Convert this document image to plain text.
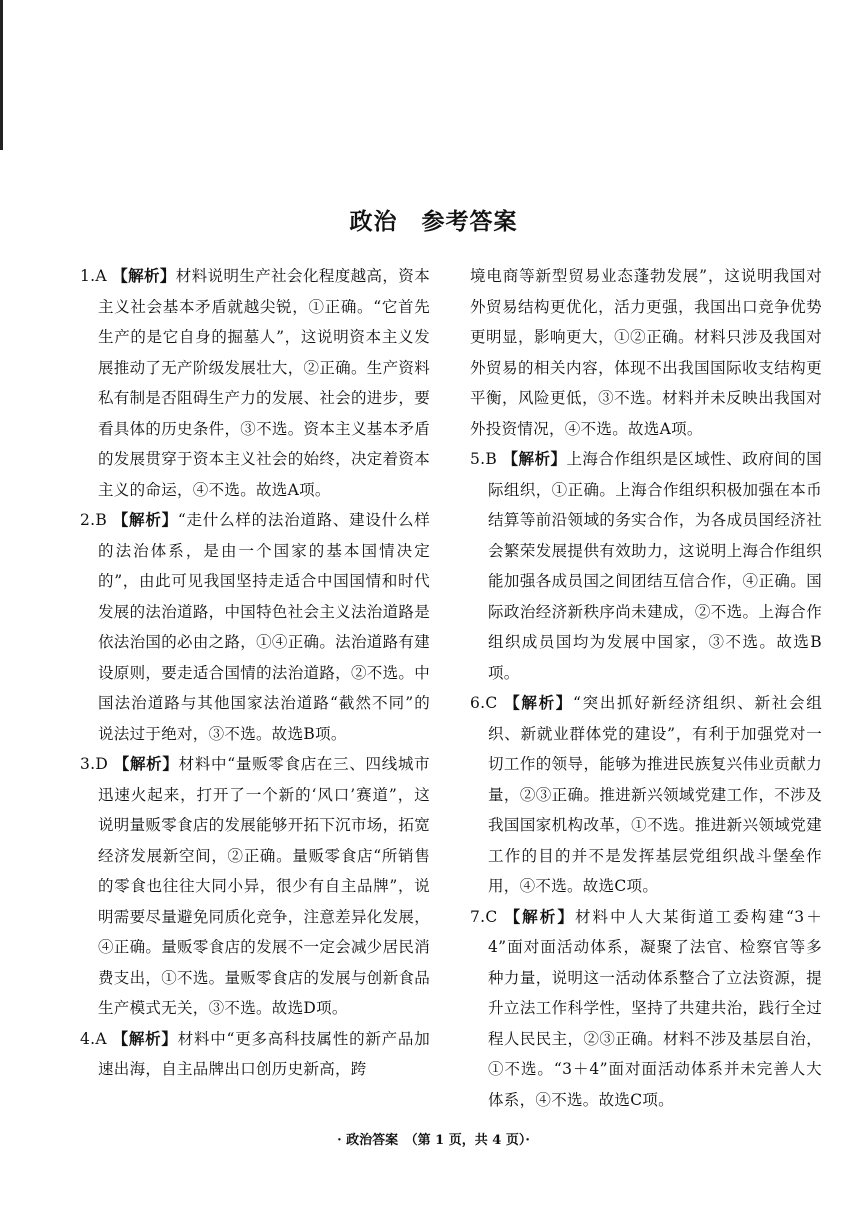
政治　参考答案

1.A 【解析】材料说明生产社会化程度越高，资本主义社会基本矛盾就越尖锐，①正确。“它首先生产的是它自身的掘墓人”，这说明资本主义发展推动了无产阶级发展壮大，②正确。生产资料私有制是否阻碍生产力的发展、社会的进步，要看具体的历史条件，③不选。资本主义基本矛盾的发展贯穿于资本主义社会的始终，决定着资本主义的命运，④不选。故选A项。

2.B 【解析】“走什么样的法治道路、建设什么样的法治体系，是由一个国家的基本国情决定的”，由此可见我国坚持走适合中国国情和时代发展的法治道路，中国特色社会主义法治道路是依法治国的必由之路，①④正确。法治道路有建设原则，要走适合国情的法治道路，②不选。中国法治道路与其他国家法治道路“截然不同”的说法过于绝对，③不选。故选B项。

3.D 【解析】材料中“量贩零食店在三、四线城市迅速火起来，打开了一个新的‘风口’赛道”，这说明量贩零食店的发展能够开拓下沉市场，拓宽经济发展新空间，②正确。量贩零食店“所销售的零食也往往大同小异，很少有自主品牌”，说明需要尽量避免同质化竞争，注意差异化发展，④正确。量贩零食店的发展不一定会减少居民消费支出，①不选。量贩零食店的发展与创新食品生产模式无关，③不选。故选D项。

4.A 【解析】材料中“更多高科技属性的新产品加速出海，自主品牌出口创历史新高，跨

境电商等新型贸易业态蓬勃发展”，这说明我国对外贸易结构更优化，活力更强，我国出口竞争优势更明显，影响更大，①②正确。材料只涉及我国对外贸易的相关内容，体现不出我国国际收支结构更平衡，风险更低，③不选。材料并未反映出我国对外投资情况，④不选。故选A项。

5.B 【解析】上海合作组织是区域性、政府间的国际组织，①正确。上海合作组织积极加强在本币结算等前沿领域的务实合作，为各成员国经济社会繁荣发展提供有效助力，这说明上海合作组织能加强各成员国之间团结互信合作，④正确。国际政治经济新秩序尚未建成，②不选。上海合作组织成员国均为发展中国家，③不选。故选B项。

6.C 【解析】“突出抓好新经济组织、新社会组织、新就业群体党的建设”，有利于加强党对一切工作的领导，能够为推进民族复兴伟业贡献力量，②③正确。推进新兴领域党建工作，不涉及我国国家机构改革，①不选。推进新兴领域党建工作的目的并不是发挥基层党组织战斗堡垒作用，④不选。故选C项。

7.C 【解析】材料中人大某街道工委构建“3＋4”面对面活动体系，凝聚了法官、检察官等多种力量，说明这一活动体系整合了立法资源，提升立法工作科学性，坚持了共建共治，践行全过程人民民主，②③正确。材料不涉及基层自治，①不选。“3＋4”面对面活动体系并未完善人大体系，④不选。故选C项。

· 政治答案　（第 1 页，共 4 页）·
